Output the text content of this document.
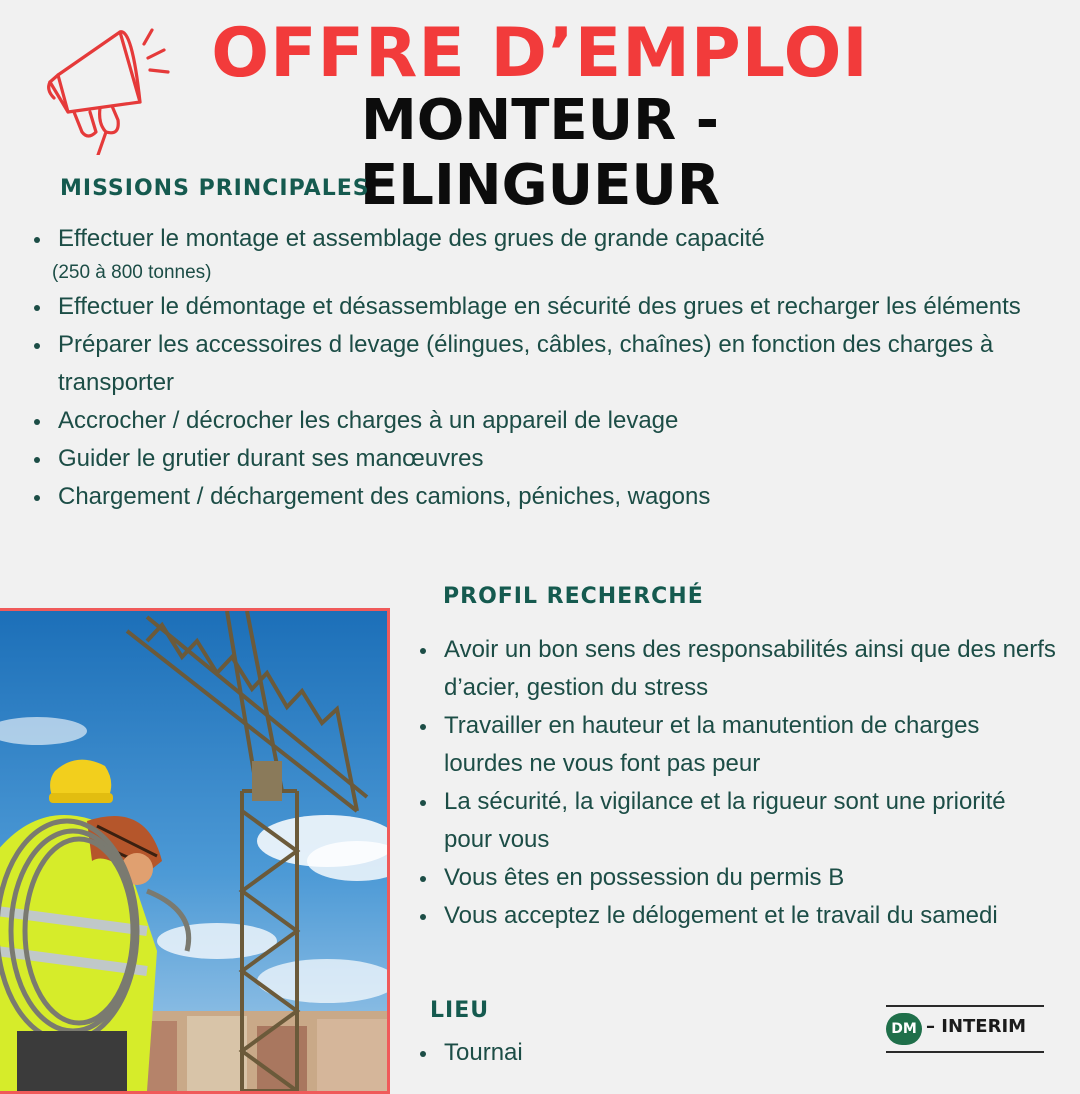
OFFRE D’EMPLOI
MONTEUR - ELINGUEUR
MISSIONS PRINCIPALES
Effectuer le montage et assemblage des grues de grande capacité
(250 à 800 tonnes)
Effectuer le démontage et désassemblage en sécurité des grues et recharger les éléments
Préparer les accessoires d levage (élingues, câbles, chaînes) en fonction des charges à transporter
Accrocher / décrocher les charges à un appareil de levage
Guider le grutier durant ses manœuvres
Chargement / déchargement des camions, péniches, wagons
PROFIL RECHERCHÉ
Avoir un bon sens des responsabilités ainsi que des nerfs d’acier, gestion du stress
Travailler en hauteur et la manutention de charges lourdes ne vous font pas peur
La sécurité, la vigilance et la rigueur sont une priorité pour vous
Vous êtes en possession du permis B
Vous acceptez le délogement et le travail du samedi
LIEU
Tournai
DM – INTERIM
